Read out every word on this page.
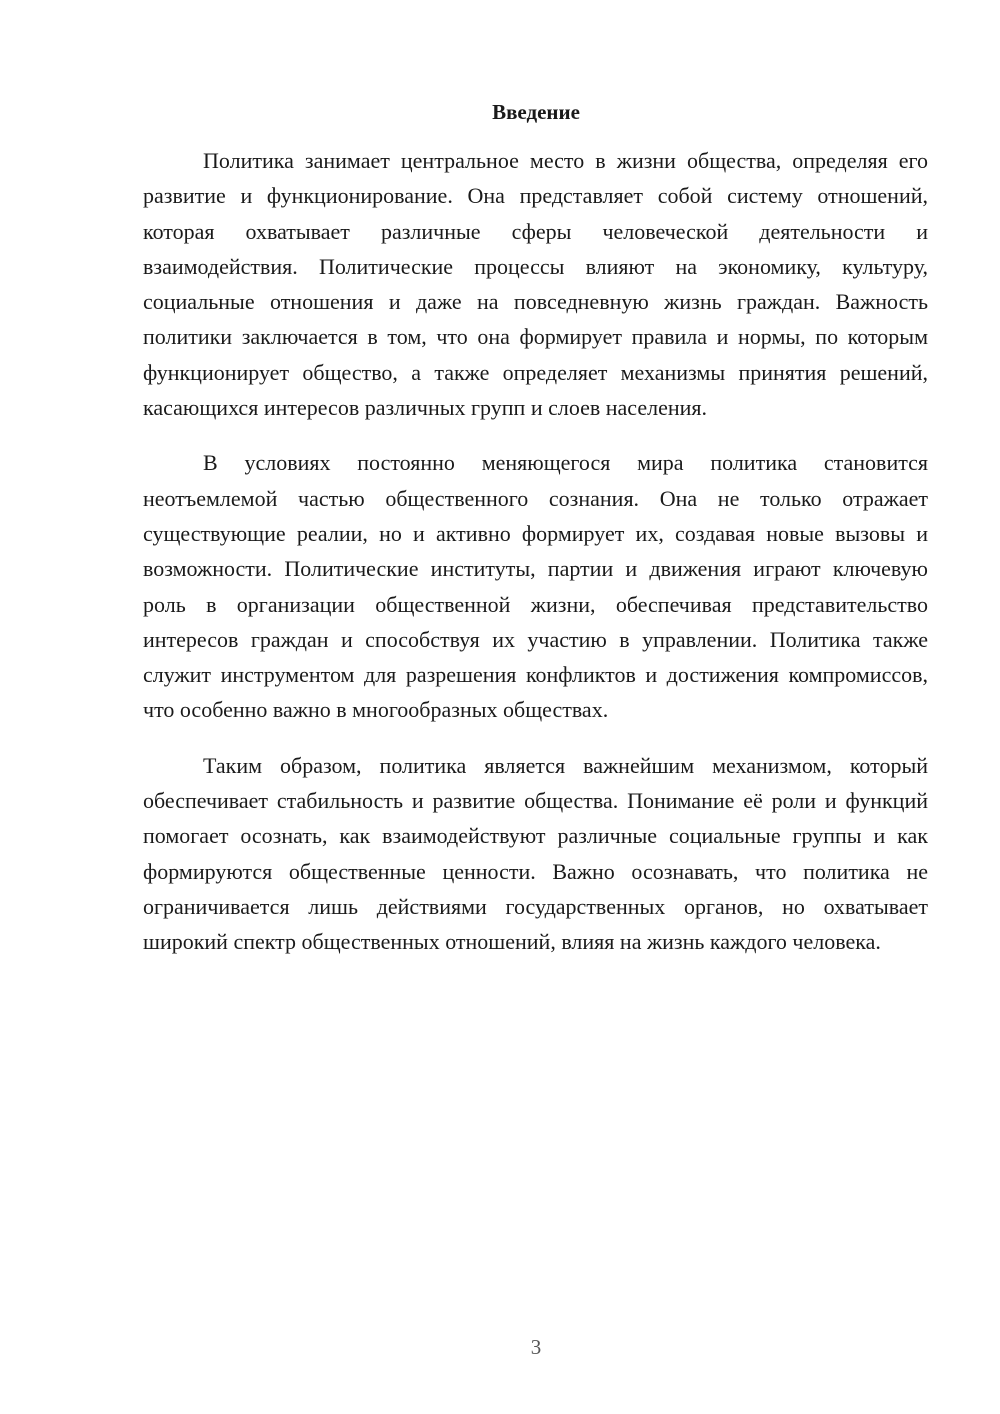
Введение

Политика занимает центральное место в жизни общества, определяя его развитие и функционирование. Она представляет собой систему отношений, которая охватывает различные сферы человеческой деятельности и взаимодействия. Политические процессы влияют на экономику, культуру, социальные отношения и даже на повседневную жизнь граждан. Важность политики заключается в том, что она формирует правила и нормы, по которым функционирует общество, а также определяет механизмы принятия решений, касающихся интересов различных групп и слоев населения.

В условиях постоянно меняющегося мира политика становится неотъемлемой частью общественного сознания. Она не только отражает существующие реалии, но и активно формирует их, создавая новые вызовы и возможности. Политические институты, партии и движения играют ключевую роль в организации общественной жизни, обеспечивая представительство интересов граждан и способствуя их участию в управлении. Политика также служит инструментом для разрешения конфликтов и достижения компромиссов, что особенно важно в многообразных обществах.

Таким образом, политика является важнейшим механизмом, который обеспечивает стабильность и развитие общества. Понимание её роли и функций помогает осознать, как взаимодействуют различные социальные группы и как формируются общественные ценности. Важно осознавать, что политика не ограничивается лишь действиями государственных органов, но охватывает широкий спектр общественных отношений, влияя на жизнь каждого человека.

3
